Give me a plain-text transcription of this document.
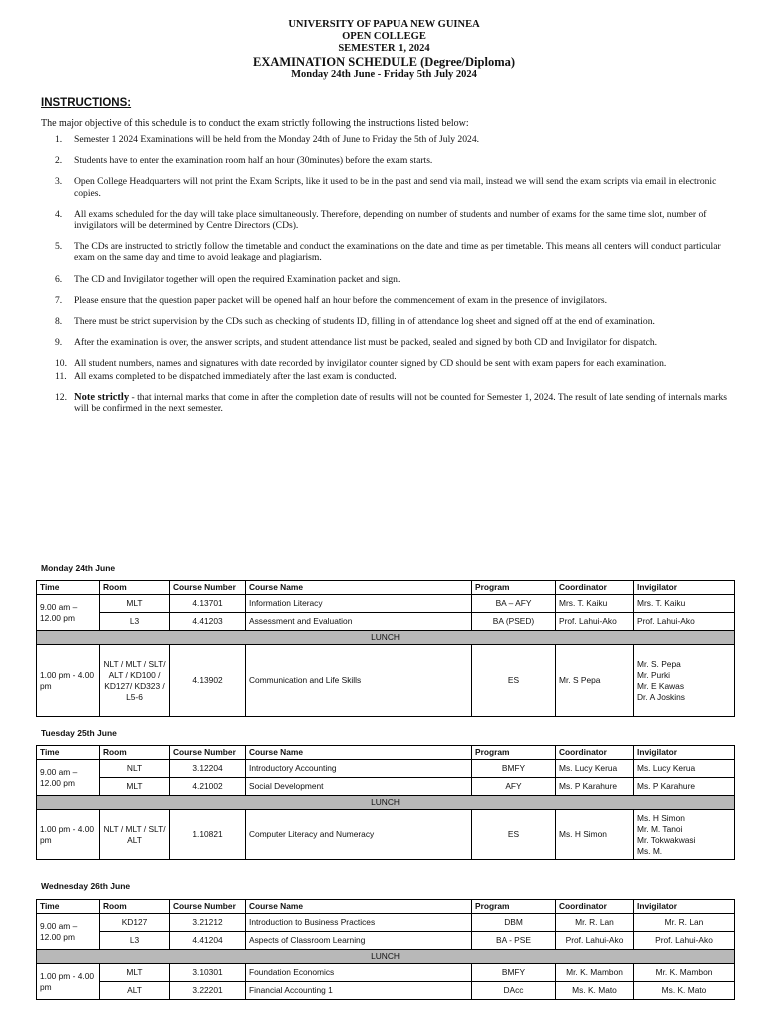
UNIVERSITY OF PAPUA NEW GUINEA
OPEN COLLEGE
SEMESTER 1, 2024
EXAMINATION SCHEDULE (Degree/Diploma)
Monday 24th June - Friday 5th July 2024
INSTRUCTIONS:
The major objective of this schedule is to conduct the exam strictly following the instructions listed below:
1. Semester 1 2024 Examinations will be held from the Monday 24th of June to Friday the 5th of July 2024.
2. Students have to enter the examination room half an hour (30minutes) before the exam starts.
3. Open College Headquarters will not print the Exam Scripts, like it used to be in the past and send via mail, instead we will send the exam scripts via email in electronic copies.
4. All exams scheduled for the day will take place simultaneously. Therefore, depending on number of students and number of exams for the same time slot, number of invigilators will be determined by Centre Directors (CDs).
5. The CDs are instructed to strictly follow the timetable and conduct the examinations on the date and time as per timetable. This means all centers will conduct particular exam on the same day and time to avoid leakage and plagiarism.
6. The CD and Invigilator together will open the required Examination packet and sign.
7. Please ensure that the question paper packet will be opened half an hour before the commencement of exam in the presence of invigilators.
8. There must be strict supervision by the CDs such as checking of students ID, filling in of attendance log sheet and signed off at the end of examination.
9. After the examination is over, the answer scripts, and student attendance list must be packed, sealed and signed by both CD and Invigilator for dispatch.
10. All student numbers, names and signatures with date recorded by invigilator counter signed by CD should be sent with exam papers for each examination.
11. All exams completed to be dispatched immediately after the last exam is conducted.
12. Note strictly - that internal marks that come in after the completion date of results will not be counted for Semester 1, 2024. The result of late sending of internals marks will be confirmed in the next semester.
Monday 24th June
Time	Room	Course Number	Course Name	Program	Coordinator	Invigilator
9.00 am – 12.00 pm	MLT	4.13701	Information Literacy	BA – AFY	Mrs. T. Kaiku	Mrs. T. Kaiku
	L3	4.41203	Assessment and Evaluation	BA (PSED)	Prof. Lahui-Ako	Prof. Lahui-Ako
LUNCH						
1.00 pm - 4.00 pm	NLT / MLT / SLT/ ALT / KD100 / KD127/ KD323 / L5-6	4.13902	Communication and Life Skills	ES	Mr. S Pepa	Mr. S. Pepa
Mr. Purki
Mr. E Kawas
Dr. A Joskins
Tuesday 25th June
Time	Room	Course Number	Course Name	Program	Coordinator	Invigilator
9.00 am – 12.00 pm	NLT	3.12204	Introductory Accounting	BMFY	Ms. Lucy Kerua	Ms. Lucy Kerua
	MLT	4.21002	Social Development	AFY	Ms. P Karahure	Ms. P Karahure
LUNCH						
1.00 pm - 4.00 pm	NLT / MLT / SLT/ ALT	1.10821	Computer Literacy and Numeracy	ES	Ms. H Simon	Ms. H Simon
Mr. M. Tanoi
Mr. Tokwakwasi
Ms. M.
Wednesday 26th June
Time	Room	Course Number	Course Name	Program	Coordinator	Invigilator
9.00 am – 12.00 pm	KD127	3.21212	Introduction to Business Practices	DBM	Mr. R. Lan	Mr. R. Lan
	L3	4.41204	Aspects of Classroom Learning	BA - PSE	Prof. Lahui-Ako	Prof. Lahui-Ako
LUNCH						
1.00 pm - 4.00 pm	MLT	3.10301	Foundation Economics	BMFY	Mr. K. Mambon	Mr. K. Mambon
	ALT	3.22201	Financial Accounting 1	DAcc	Ms. K. Mato	Ms. K. Mato
